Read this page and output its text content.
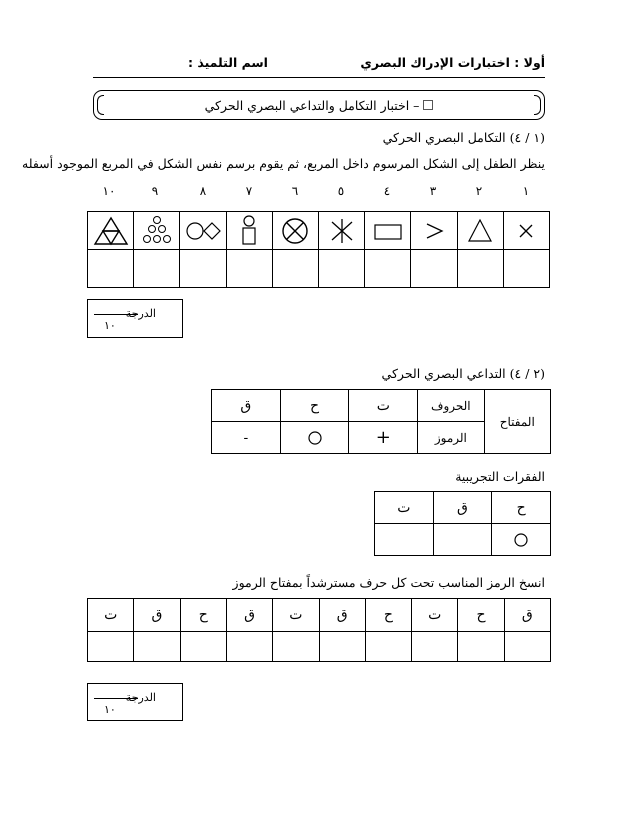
أولا : اختبارات الإدراك البصري
اسم التلميذ :
– اختبار التكامل والتداعي البصري الحركي
(١ / ٤) التكامل البصري الحركي
ينظر الطفل إلى الشكل المرسوم داخل المربع، ثم يقوم برسم نفس الشكل في المربع الموجود أسفله
١
٢
٣
٤
٥
٦
٧
٨
٩
١٠

الدرجة
١٠
(٢ / ٤) التداعي البصري الحركي
ق	ح	ت	الحروف	المفتاح
-		+	الرموز	
الفقرات التجريبية
ت	ق	ح

انسخ الرمز المناسب تحت كل حرف مسترشداً بمفتاح الرموز
ت	ق	ح	ق	ت	ق	ح	ت	ح	ق

الدرجة
١٠
